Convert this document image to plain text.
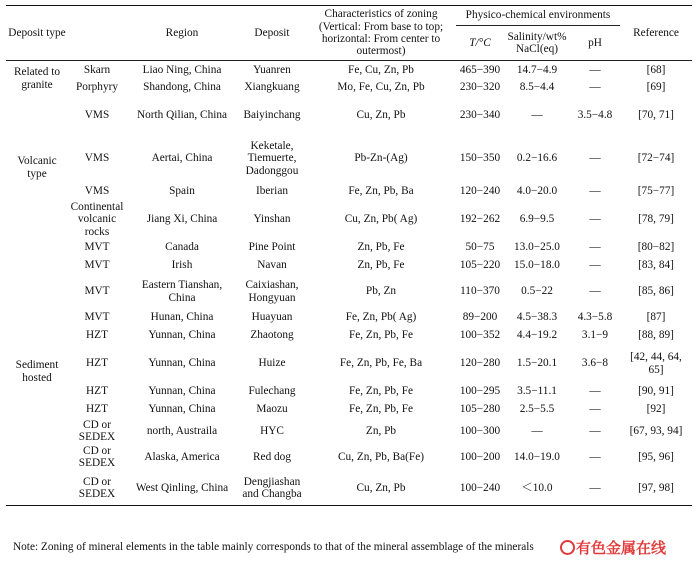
Deposit type		Region	Deposit	Characteristics of zoning (Vertical: From base to top; horizontal: From center to outermost)	Physico-chemical environments			Reference
					T/°C	Salinity/wt% NaCl(eq)	pH	
Related to granite	Skarn	Liao Ning, China	Yuanren	Fe, Cu, Zn, Pb	465−390	14.7−4.9	—	[68]
	Porphyry	Shandong, China	Xiangkuang	Mo, Fe, Cu, Zn, Pb	230−320	8.5−4.4	—	[69]
Volcanic type	VMS	North Qilian, China	Baiyinchang	Cu, Zn, Pb	230−340	—	3.5−4.8	[70, 71]
	VMS	Aertai, China	Keketale, Tiemuerte, Dadonggou	Pb-Zn-(Ag)	150−350	0.2−16.6	—	[72−74]
	VMS	Spain	Iberian	Fe, Zn, Pb, Ba	120−240	4.0−20.0	—	[75−77]
	Continental volcanic rocks	Jiang Xi, China	Yinshan	Cu, Zn, Pb( Ag)	192−262	6.9−9.5	—	[78, 79]
Sediment hosted	MVT	Canada	Pine Point	Zn, Pb, Fe	50−75	13.0−25.0	—	[80−82]
	MVT	Irish	Navan	Zn, Pb, Fe	105−220	15.0−18.0	—	[83, 84]
	MVT	Eastern Tianshan, China	Caixiashan, Hongyuan	Pb, Zn	110−370	0.5−22	—	[85, 86]
	MVT	Hunan, China	Huayuan	Fe, Zn, Pb( Ag)	89−200	4.5−38.3	4.3−5.8	[87]
	HZT	Yunnan, China	Zhaotong	Fe, Zn, Pb, Fe	100−352	4.4−19.2	3.1−9	[88, 89]
	HZT	Yunnan, China	Huize	Fe, Zn, Pb, Fe, Ba	120−280	1.5−20.1	3.6−8	[42, 44, 64, 65]
	HZT	Yunnan, China	Fulechang	Fe, Zn, Pb, Fe	100−295	3.5−11.1	—	[90, 91]
	HZT	Yunnan, China	Maozu	Fe, Zn, Pb, Fe	105−280	2.5−5.5	—	[92]
	CD or SEDEX	north, Austraila	HYC	Zn, Pb	100−300	—	—	[67, 93, 94]
	CD or SEDEX	Alaska, America	Red dog	Cu, Zn, Pb, Ba(Fe)	100−200	14.0−19.0	—	[95, 96]
	CD or SEDEX	West Qinling, China	Dengjiashan and Changba	Cu, Zn, Pb	100−240	＜10.0	—	[97, 98]
Note: Zoning of mineral elements in the table mainly corresponds to that of the mineral assemblage of the minerals	有色金属在线
